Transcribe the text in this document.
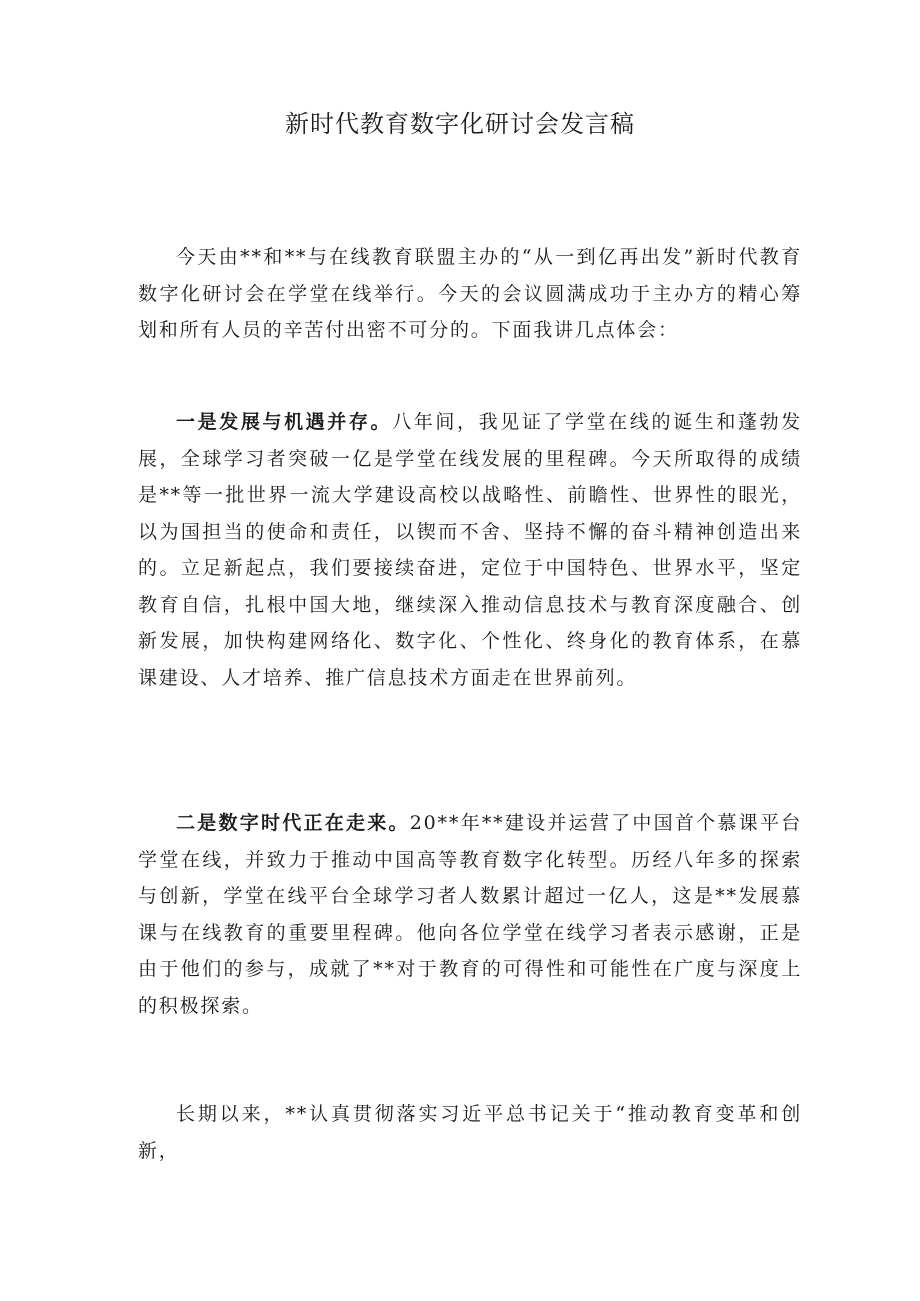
新时代教育数字化研讨会发言稿

今天由**和**与在线教育联盟主办的“从一到亿再出发”新时代教育数字化研讨会在学堂在线举行。今天的会议圆满成功于主办方的精心筹划和所有人员的辛苦付出密不可分的。下面我讲几点体会：

一是发展与机遇并存。八年间，我见证了学堂在线的诞生和蓬勃发展，全球学习者突破一亿是学堂在线发展的里程碑。今天所取得的成绩是**等一批世界一流大学建设高校以战略性、前瞻性、世界性的眼光，以为国担当的使命和责任，以锲而不舍、坚持不懈的奋斗精神创造出来的。立足新起点，我们要接续奋进，定位于中国特色、世界水平，坚定教育自信，扎根中国大地，继续深入推动信息技术与教育深度融合、创新发展，加快构建网络化、数字化、个性化、终身化的教育体系，在慕课建设、人才培养、推广信息技术方面走在世界前列。

二是数字时代正在走来。20**年**建设并运营了中国首个慕课平台学堂在线，并致力于推动中国高等教育数字化转型。历经八年多的探索与创新，学堂在线平台全球学习者人数累计超过一亿人，这是**发展慕课与在线教育的重要里程碑。他向各位学堂在线学习者表示感谢，正是由于他们的参与，成就了**对于教育的可得性和可能性在广度与深度上的积极探索。

长期以来，**认真贯彻落实习近平总书记关于“推动教育变革和创新，
